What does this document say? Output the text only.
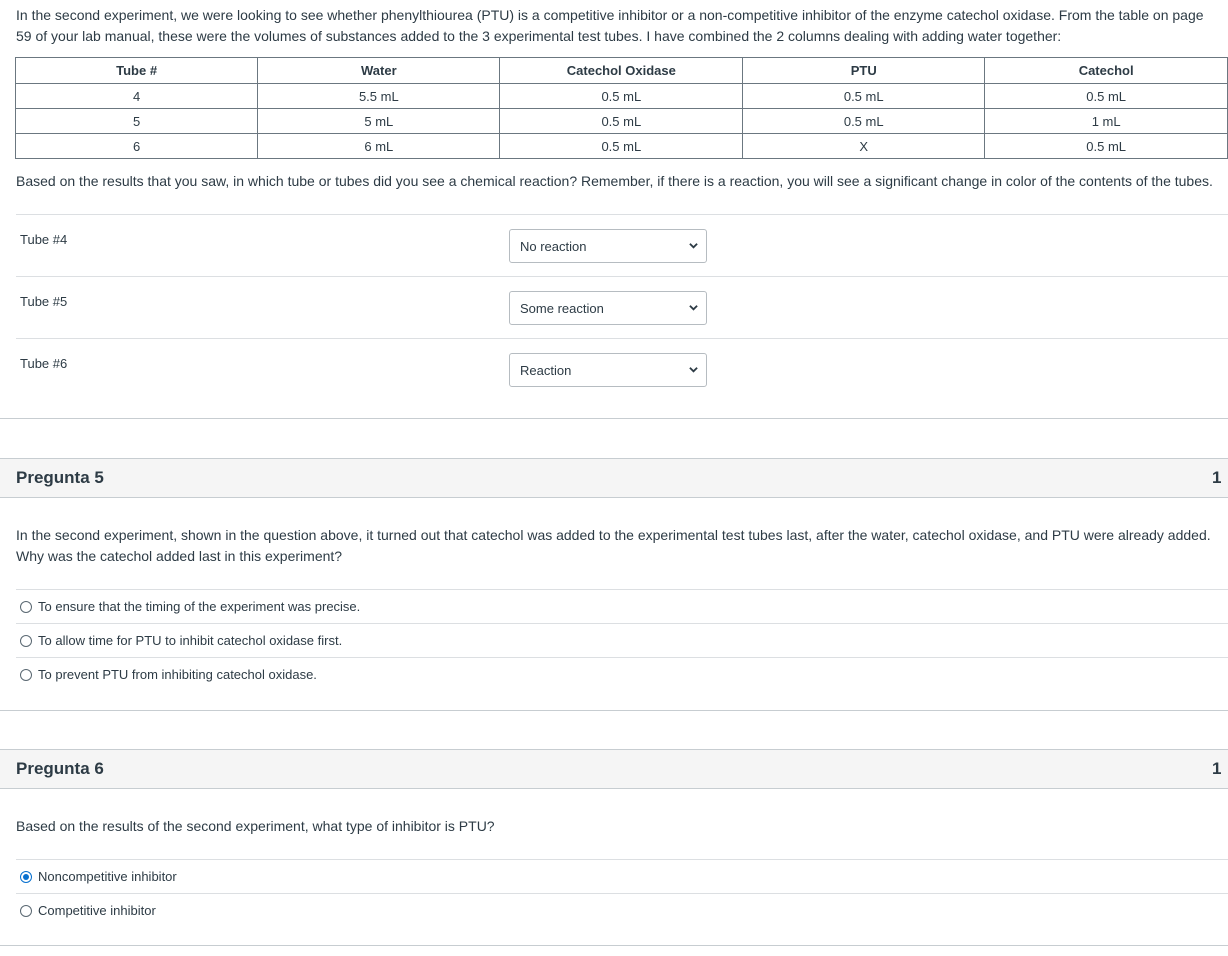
In the second experiment, we were looking to see whether phenylthiourea (PTU) is a competitive inhibitor or a non-competitive inhibitor of the enzyme catechol oxidase. From the table on page
59 of your lab manual, these were the volumes of substances added to the 3 experimental test tubes. I have combined the 2 columns dealing with adding water together:
Tube #	Water	Catechol Oxidase	PTU	Catechol
4	5.5 mL	0.5 mL	0.5 mL	0.5 mL
5	5 mL	0.5 mL	0.5 mL	1 mL
6	6 mL	0.5 mL	X	0.5 mL
Based on the results that you saw, in which tube or tubes did you see a chemical reaction? Remember, if there is a reaction, you will see a significant change in color of the contents of the tubes.
Tube #4	No reaction
Tube #5	Some reaction
Tube #6	Reaction
Pregunta 5	1
In the second experiment, shown in the question above, it turned out that catechol was added to the experimental test tubes last, after the water, catechol oxidase, and PTU were already added.
Why was the catechol added last in this experiment?
To ensure that the timing of the experiment was precise.
To allow time for PTU to inhibit catechol oxidase first.
To prevent PTU from inhibiting catechol oxidase.
Pregunta 6	1
Based on the results of the second experiment, what type of inhibitor is PTU?
Noncompetitive inhibitor
Competitive inhibitor
